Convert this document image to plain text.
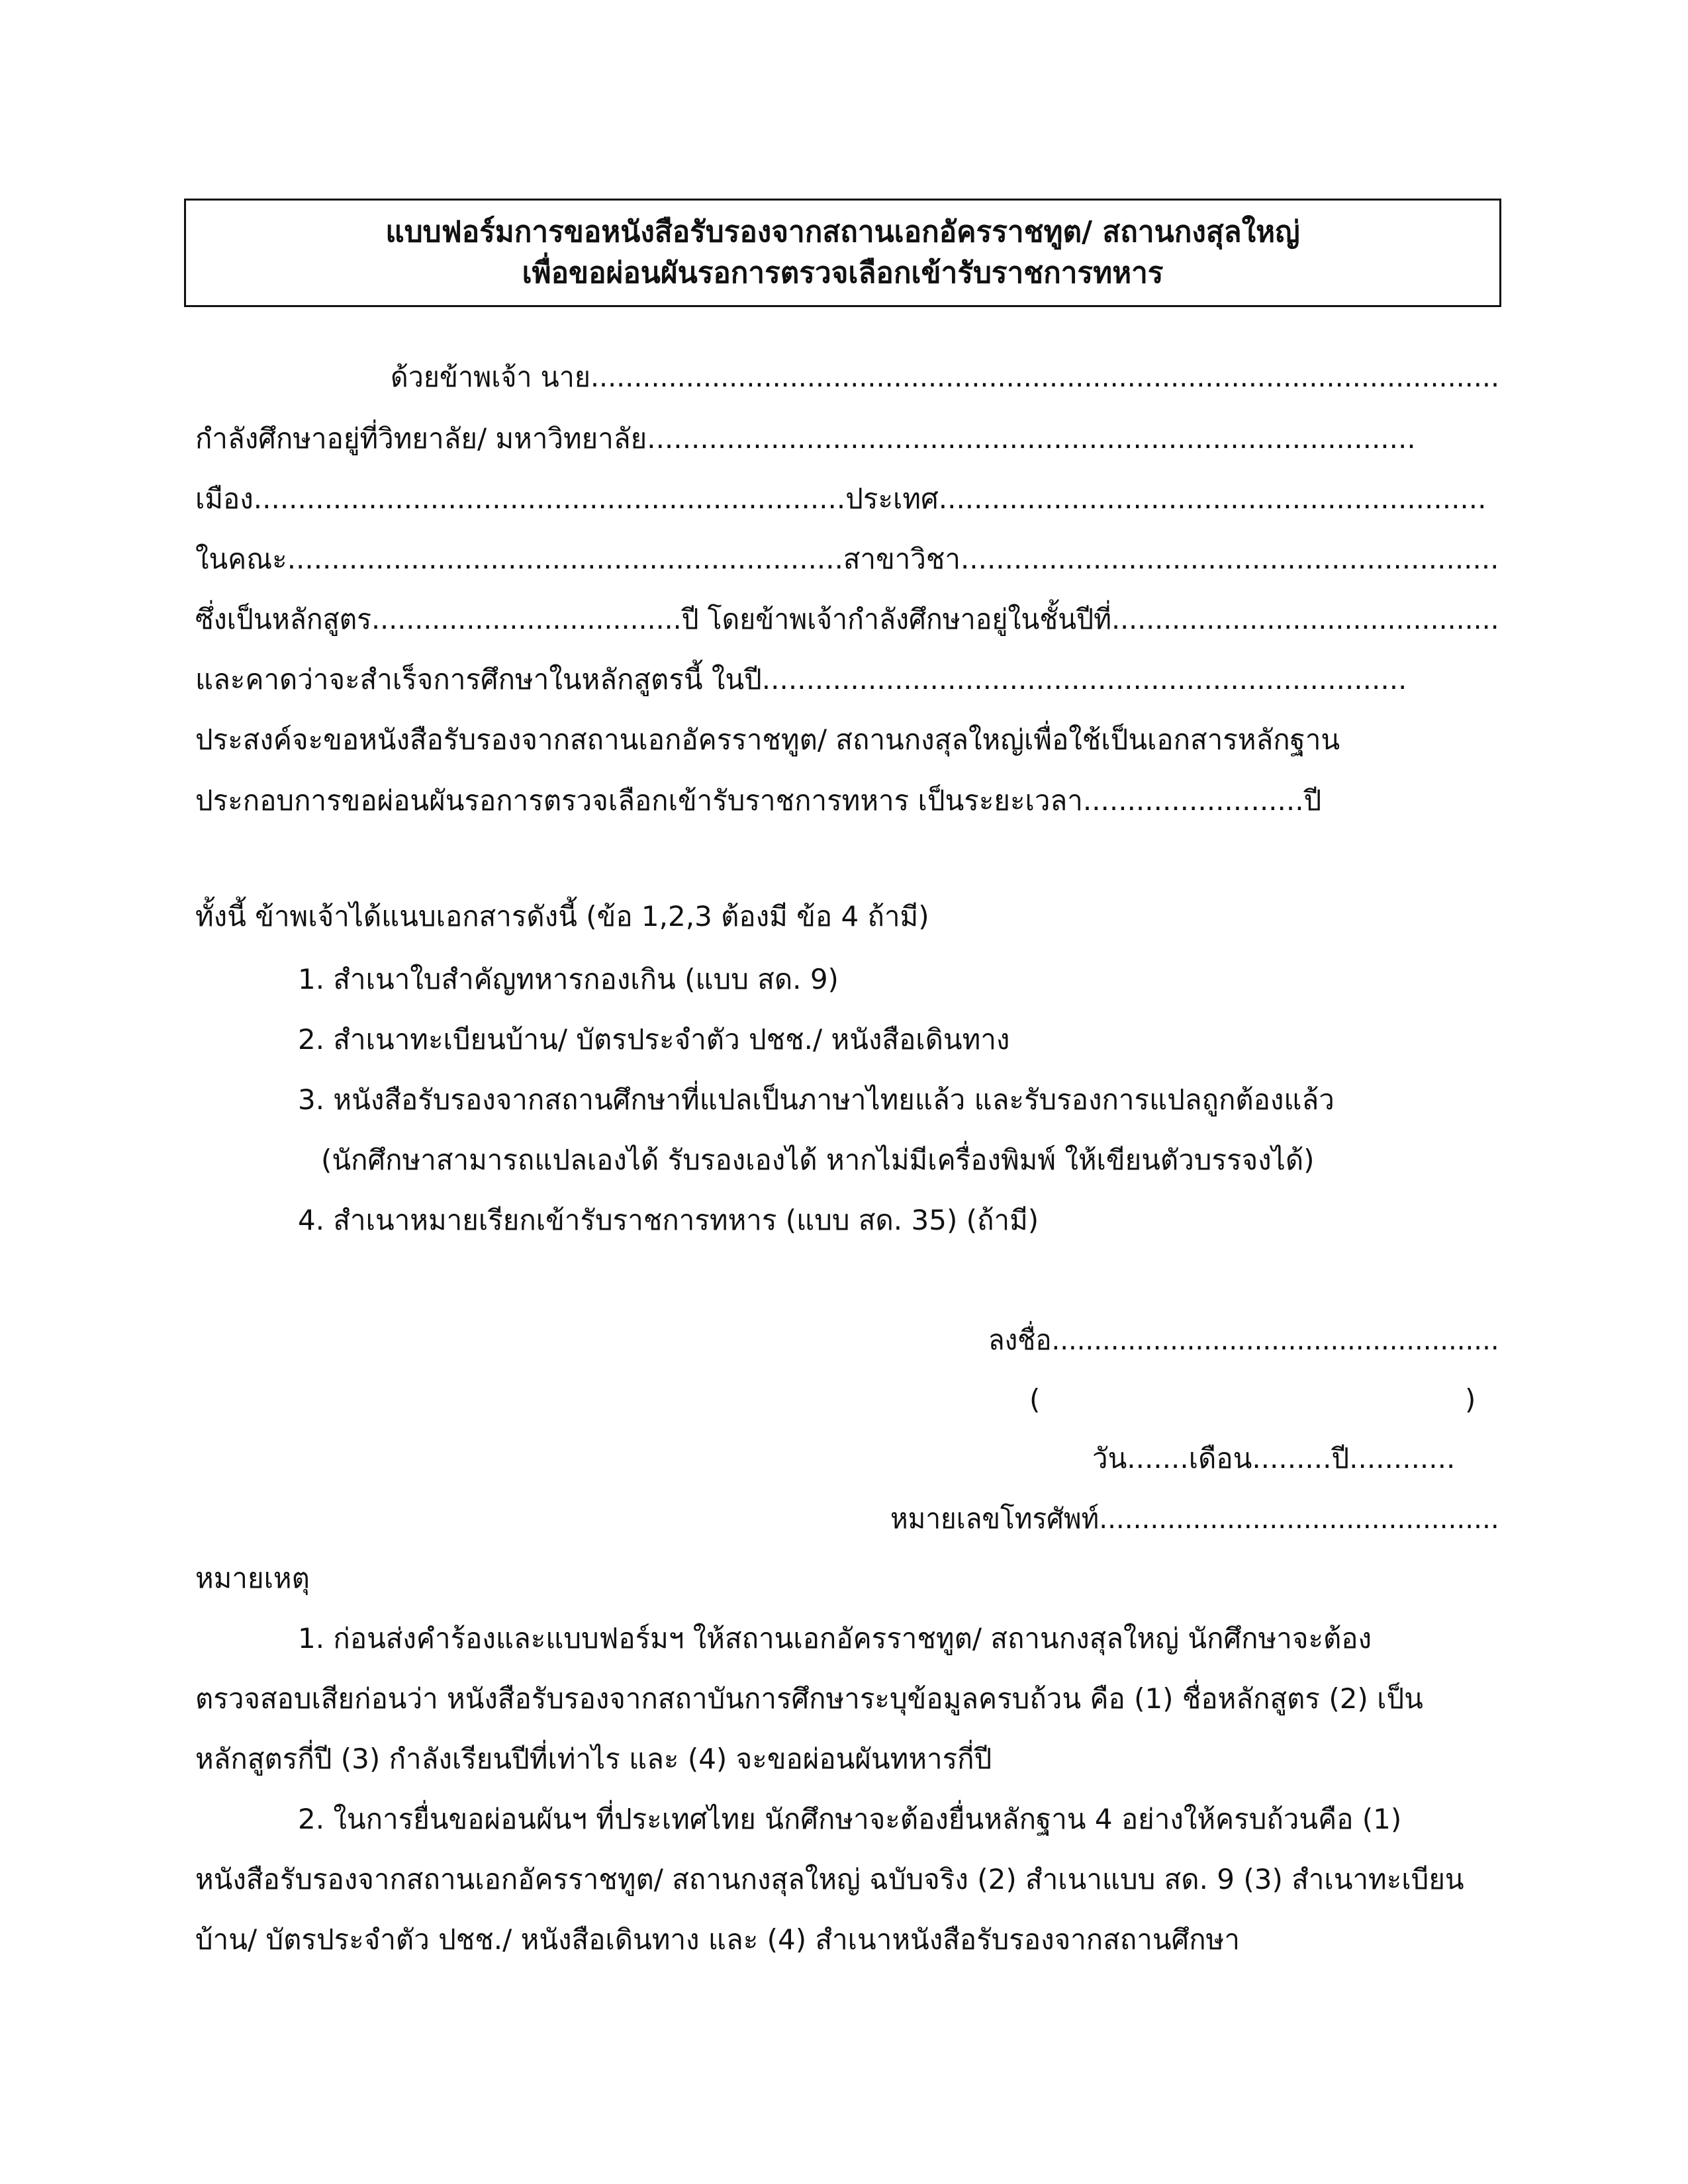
แบบฟอร์มการขอหนังสือรับรองจากสถานเอกอัครราชทูต/ สถานกงสุลใหญ่
เพื่อขอผ่อนผันรอการตรวจเลือกเข้ารับราชการทหาร
ด้วยข้าพเจ้า นาย.........................................................................................................
กำลังศึกษาอยู่ที่วิทยาลัย/ มหาวิทยาลัย.......................................................................................
เมือง...................................................................ประเทศ..............................................................
ในคณะ...............................................................สาขาวิชา.............................................................
ซึ่งเป็นหลักสูตร....................................ปี โดยข้าพเจ้ากำลังศึกษาอยู่ในชั้นปีที่.............................................
และคาดว่าจะสำเร็จการศึกษาในหลักสูตรนี้ ในปี.........................................................................
ประสงค์จะขอหนังสือรับรองจากสถานเอกอัครราชทูต/ สถานกงสุลใหญ่เพื่อใช้เป็นเอกสารหลักฐาน
ประกอบการขอผ่อนผันรอการตรวจเลือกเข้ารับราชการทหาร เป็นระยะเวลา.........................ปี
ทั้งนี้ ข้าพเจ้าได้แนบเอกสารดังนี้ (ข้อ 1,2,3 ต้องมี ข้อ 4 ถ้ามี)
1. สำเนาใบสำคัญทหารกองเกิน (แบบ สด. 9)
2. สำเนาทะเบียนบ้าน/ บัตรประจำตัว ปชช./ หนังสือเดินทาง
3. หนังสือรับรองจากสถานศึกษาที่แปลเป็นภาษาไทยแล้ว และรับรองการแปลถูกต้องแล้ว
(นักศึกษาสามารถแปลเองได้ รับรองเองได้ หากไม่มีเครื่องพิมพ์ ให้เขียนตัวบรรจงได้)
4. สำเนาหมายเรียกเข้ารับราชการทหาร (แบบ สด. 35) (ถ้ามี)
ลงชื่อ.....................................................
(	)
วัน.......เดือน.........ปี............
หมายเลขโทรศัพท์...............................................
หมายเหตุ
1. ก่อนส่งคำร้องและแบบฟอร์มฯ ให้สถานเอกอัครราชทูต/ สถานกงสุลใหญ่ นักศึกษาจะต้อง
ตรวจสอบเสียก่อนว่า หนังสือรับรองจากสถาบันการศึกษาระบุข้อมูลครบถ้วน คือ (1) ชื่อหลักสูตร (2) เป็น
หลักสูตรกี่ปี (3) กำลังเรียนปีที่เท่าไร และ (4) จะขอผ่อนผันทหารกี่ปี
2. ในการยื่นขอผ่อนผันฯ ที่ประเทศไทย นักศึกษาจะต้องยื่นหลักฐาน 4 อย่างให้ครบถ้วนคือ (1)
หนังสือรับรองจากสถานเอกอัครราชทูต/ สถานกงสุลใหญ่ ฉบับจริง (2) สำเนาแบบ สด. 9 (3) สำเนาทะเบียน
บ้าน/ บัตรประจำตัว ปชช./ หนังสือเดินทาง และ (4) สำเนาหนังสือรับรองจากสถานศึกษา
